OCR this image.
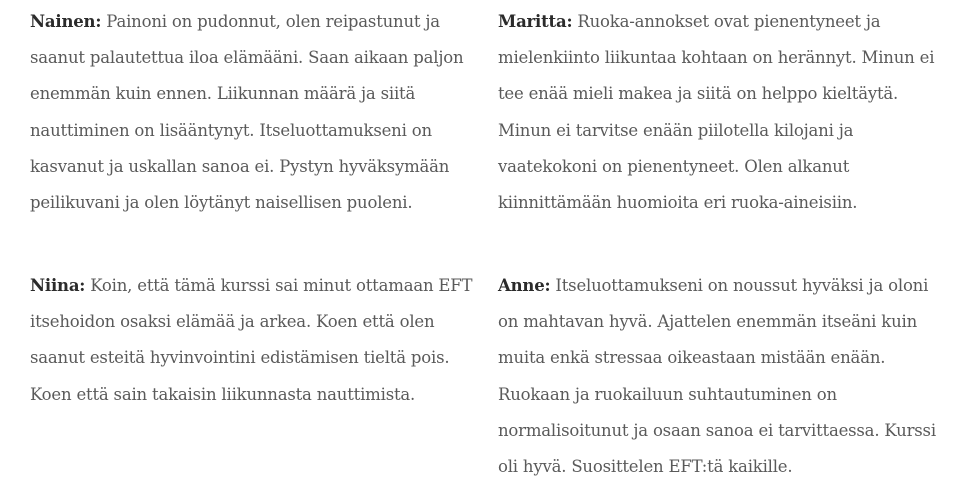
Nainen: Painoni on pudonnut, olen reipastunut ja saanut palautettua iloa elämääni. Saan aikaan paljon enemmän kuin ennen. Liikunnan määrä ja siitä nauttiminen on lisääntynyt. Itseluottamukseni on kasvanut ja uskallan sanoa ei. Pystyn hyväksymään peilikuvani ja olen löytänyt naisellisen puoleni.

Maritta: Ruoka-annokset ovat pienentyneet ja mielenkiinto liikuntaa kohtaan on herännyt. Minun ei tee enää mieli makea ja siitä on helppo kieltäytä. Minun ei tarvitse enään piilotella kilojani ja vaatekokoni on pienentyneet. Olen alkanut kiinnittämään huomioita eri ruoka-aineisiin.

Niina: Koin, että tämä kurssi sai minut ottamaan EFT itsehoidon osaksi elämää ja arkea. Koen että olen saanut esteitä hyvinvointini edistämisen tieltä pois. Koen että sain takaisin liikunnasta nauttimista.

Anne: Itseluottamukseni on noussut hyväksi ja oloni on mahtavan hyvä. Ajattelen enemmän itseäni kuin muita enkä stressaa oikeastaan mistään enään. Ruokaan ja ruokailuun suhtautuminen on normalisoitunut ja osaan sanoa ei tarvittaessa. Kurssi oli hyvä. Suosittelen EFT:tä kaikille.
